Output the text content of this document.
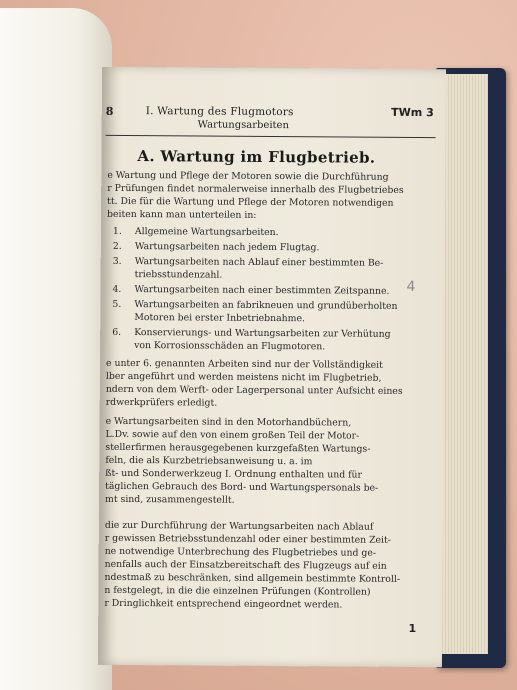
8	I. Wartung des Flugmotors
Wartungsarbeiten
TWm 3
A. Wartung im Flugbetrieb.
e Wartung und Pflege der Motoren sowie die Durchführung
r Prüfungen findet normalerweise innerhalb des Flugbetriebes
tt. Die für die Wartung und Pflege der Motoren notwendigen
beiten kann man unterteilen in:
1.	Allgemeine Wartungsarbeiten.
2.	Wartungsarbeiten nach jedem Flugtag.
3.	Wartungsarbeiten nach Ablauf einer bestimmten Be-
triebsstundenzahl.
4.	Wartungsarbeiten nach einer bestimmten Zeitspanne.
5.	Wartungsarbeiten an fabrikneuen und grundüberholten
Motoren bei erster Inbetriebnahme.
6.	Konservierungs- und Wartungsarbeiten zur Verhütung
von Korrosionsschäden an Flugmotoren.
e unter 6. genannten Arbeiten sind nur der Vollständigkeit
lber angeführt und werden meistens nicht im Flugbetrieb,
ndern von dem Werft- oder Lagerpersonal unter Aufsicht eines
rdwerkprüfers erledigt.
e Wartungsarbeiten sind in den Motorhandbüchern,
L.Dv. sowie auf den von einem großen Teil der Motor-
stellerfirmen herausgegebenen kurzgefaßten Wartungs-
feln, die als Kurzbetriebsanweisung u. a. im
ßt- und Sonderwerkzeug I. Ordnung enthalten und für
täglichen Gebrauch des Bord- und Wartungspersonals be-
mt sind, zusammengestellt.
die zur Durchführung der Wartungsarbeiten nach Ablauf
r gewissen Betriebsstundenzahl oder einer bestimmten Zeit-
ne notwendige Unterbrechung des Flugbetriebes und ge-
nenfalls auch der Einsatzbereitschaft des Flugzeugs auf ein
ndestmaß zu beschränken, sind allgemein bestimmte Kontroll-
n festgelegt, in die die einzelnen Prüfungen (Kontrollen)
r Dringlichkeit entsprechend eingeordnet werden.
4
1
